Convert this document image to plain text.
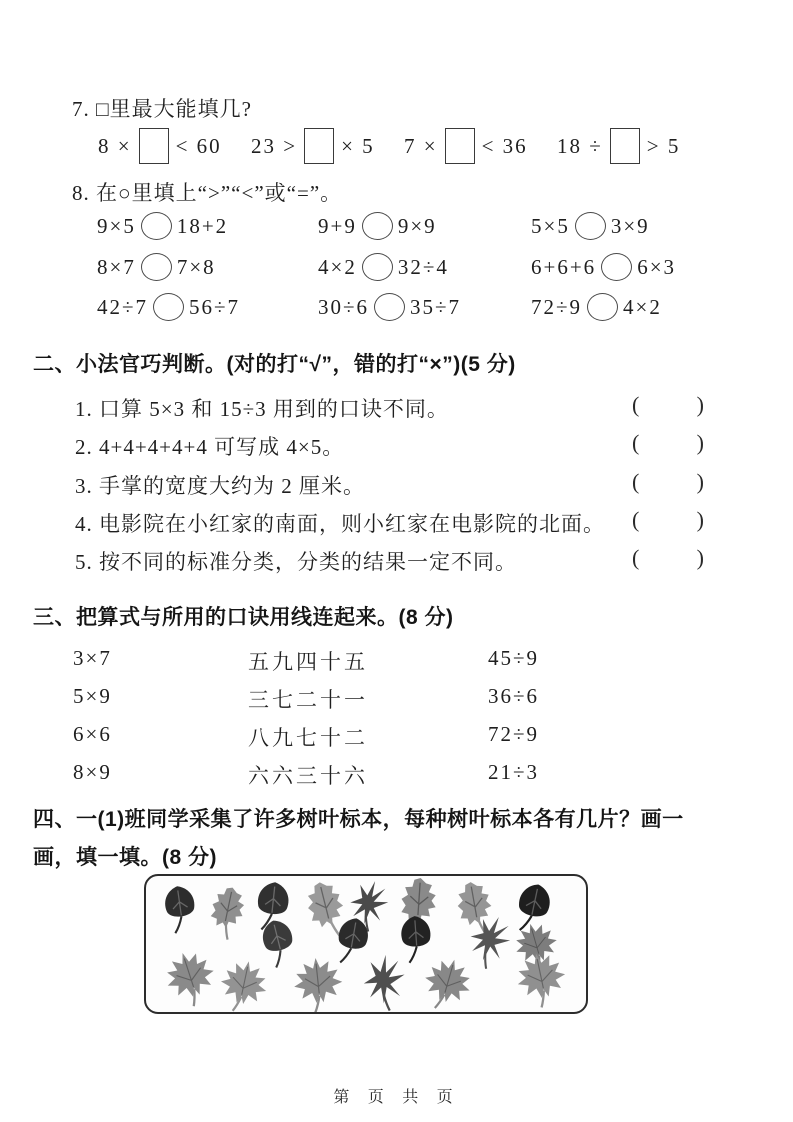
7. □里最大能填几?
8 × < 60 23 > × 5 7 × < 36 18 ÷ > 5
8. 在○里填上“>”“<”或“=”。
9×5 18+2	9+9 9×9	5×5 3×9
8×7 7×8	4×2 32÷4	6+6+6 6×3
42÷7 56÷7	30÷6 35÷7	72÷9 4×2
二、小法官巧判断。(对的打“√”，错的打“×”)(5 分)
1. 口算 5×3 和 15÷3 用到的口诀不同。	(	)
2. 4+4+4+4+4 可写成 4×5。	(	)
3. 手掌的宽度大约为 2 厘米。	(	)
4. 电影院在小红家的南面，则小红家在电影院的北面。 (	)
5. 按不同的标准分类，分类的结果一定不同。	(	)
三、把算式与所用的口诀用线连起来。(8 分)
3×7	五九四十五	45÷9
5×9	三七二十一	36÷6
6×6	八九七十二	72÷9
8×9	六六三十六	21÷3
四、一(1)班同学采集了许多树叶标本，每种树叶标本各有几片？画一
画，填一填。(8 分)
第 页 共 页
